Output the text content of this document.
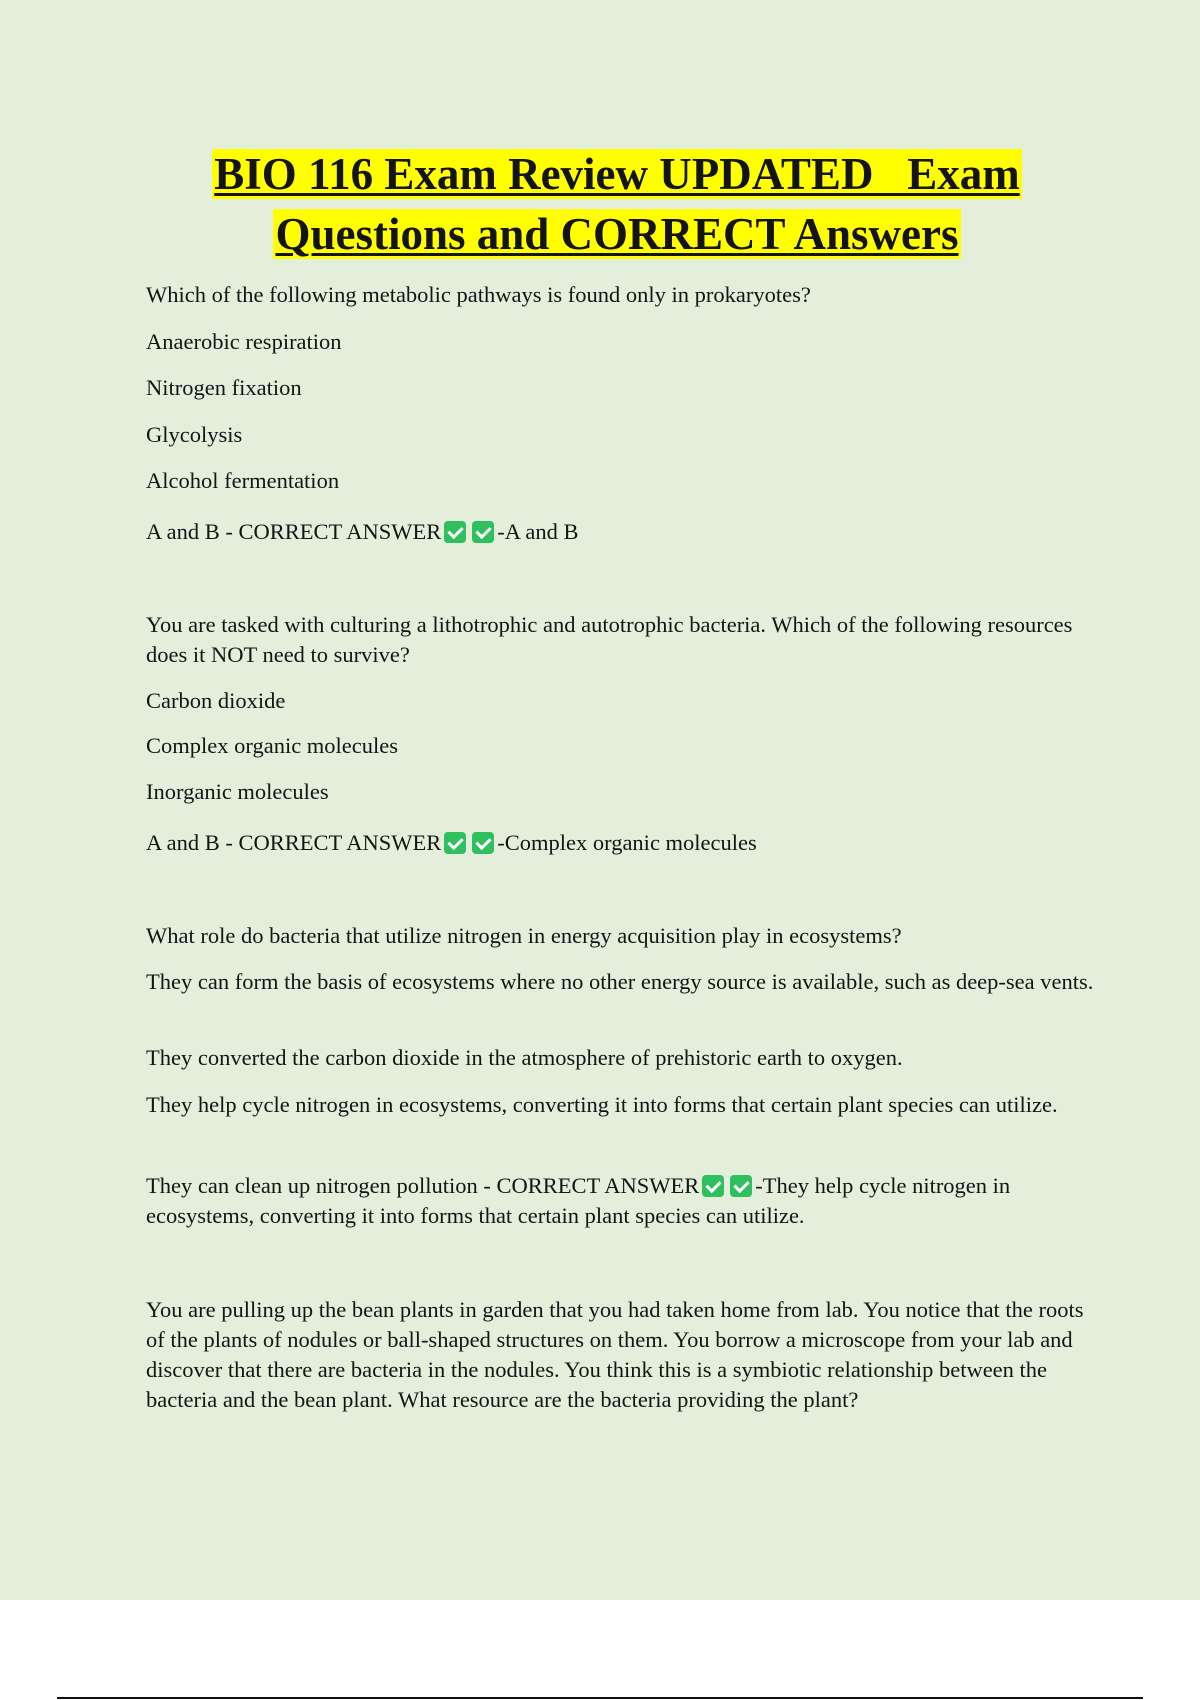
BIO 116 Exam Review UPDATED   Exam
Questions and CORRECT Answers

Which of the following metabolic pathways is found only in prokaryotes?

Anaerobic respiration

Nitrogen fixation

Glycolysis

Alcohol fermentation

A and B - CORRECT ANSWER -A and B

You are tasked with culturing a lithotrophic and autotrophic bacteria. Which of the following resources does it NOT need to survive?

Carbon dioxide

Complex organic molecules

Inorganic molecules

A and B - CORRECT ANSWER -Complex organic molecules

What role do bacteria that utilize nitrogen in energy acquisition play in ecosystems?

They can form the basis of ecosystems where no other energy source is available, such as deep-sea vents.

They converted the carbon dioxide in the atmosphere of prehistoric earth to oxygen.

They help cycle nitrogen in ecosystems, converting it into forms that certain plant species can utilize.

They can clean up nitrogen pollution - CORRECT ANSWER -They help cycle nitrogen in ecosystems, converting it into forms that certain plant species can utilize.

You are pulling up the bean plants in garden that you had taken home from lab. You notice that the roots of the plants of nodules or ball-shaped structures on them. You borrow a microscope from your lab and discover that there are bacteria in the nodules. You think this is a symbiotic relationship between the bacteria and the bean plant. What resource are the bacteria providing the plant?
